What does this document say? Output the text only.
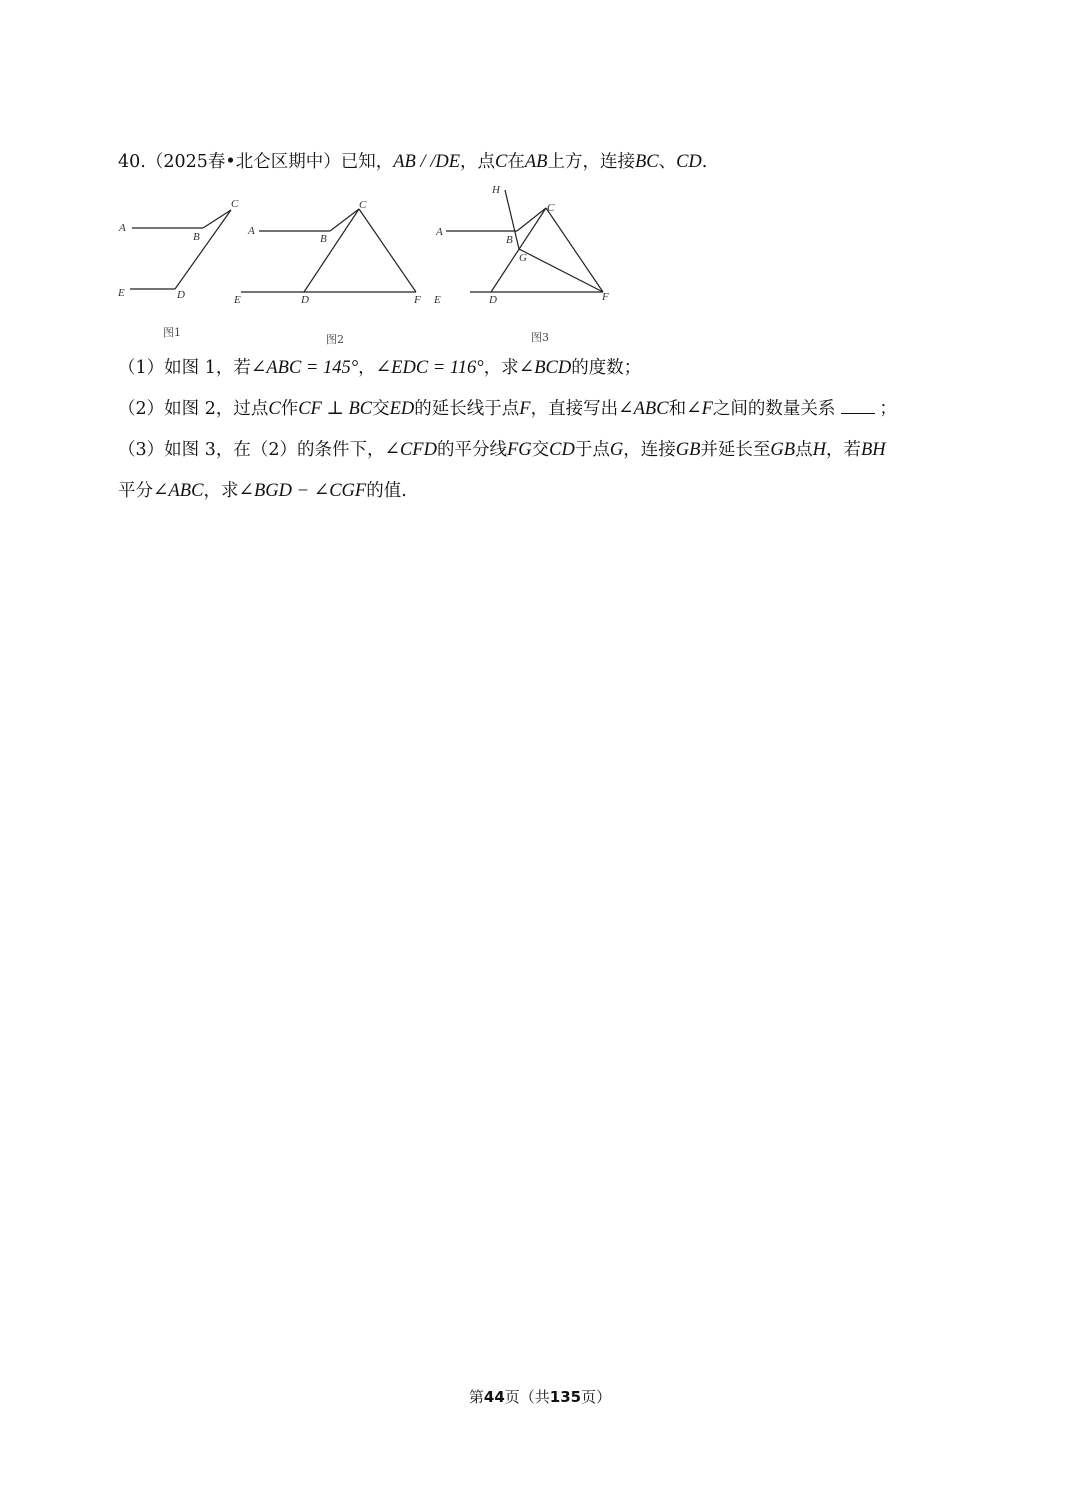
40.（2025春•北仑区期中）已知，AB / /DE，点C在AB上方，连接BC、CD.
A
B
C
D
E
图1
A
B
C
D
E	F
图2
A
B
C
D
E	F
G
H
图3
（1）如图 1，若∠ABC = 145°，∠EDC = 116°，求∠BCD的度数；
（2）如图 2，过点C作CF ⊥ BC交ED的延长线于点F，直接写出∠ABC和∠F之间的数量关系	；
（3）如图 3，在（2）的条件下，∠CFD的平分线FG交CD于点G，连接GB并延长至GB点H，若BH
平分∠ABC，求∠BGD − ∠CGF的值.
第44页（共135页）
